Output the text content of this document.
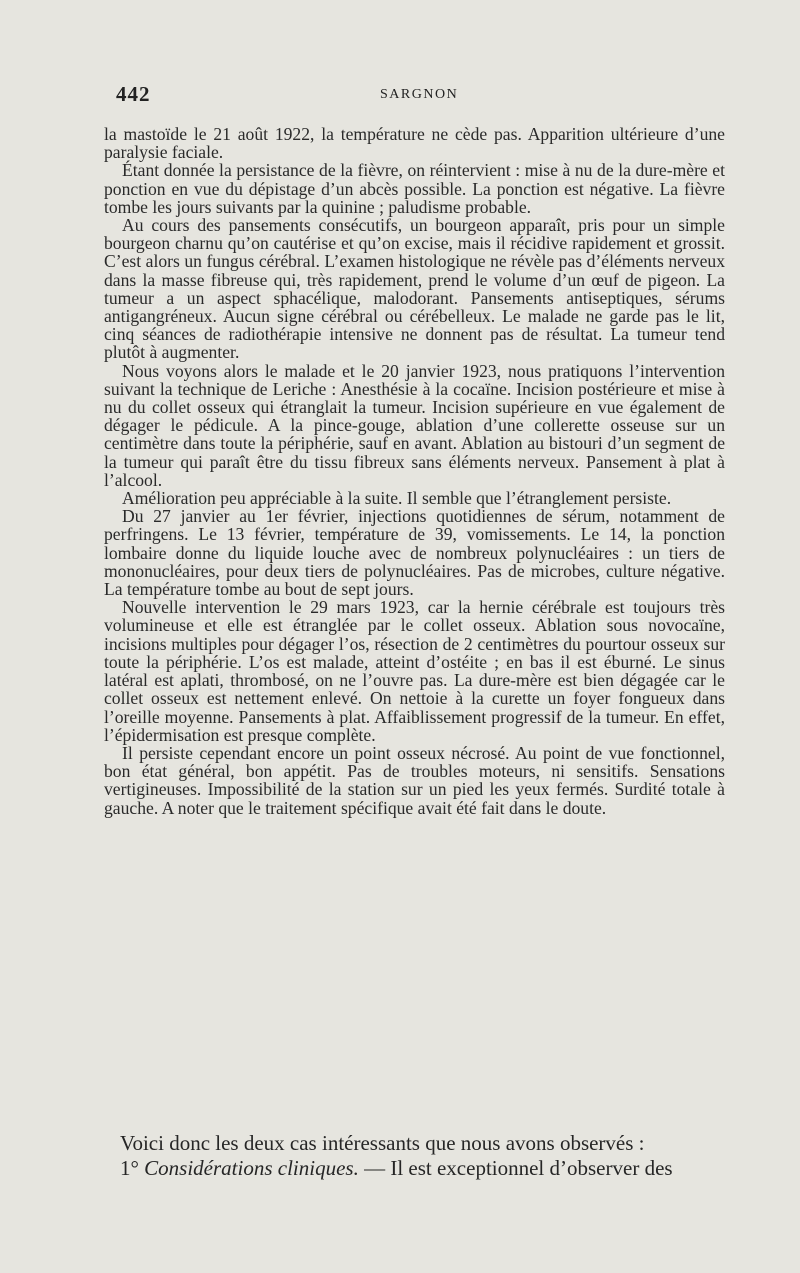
442	SARGNON

la mastoïde le 21 août 1922, la température ne cède pas. Apparition ultérieure d’une paralysie faciale.

Étant donnée la persistance de la fièvre, on réintervient : mise à nu de la dure-mère et ponction en vue du dépistage d’un abcès possible. La ponction est négative. La fièvre tombe les jours suivants par la quinine ; paludisme probable.

Au cours des pansements consécutifs, un bourgeon apparaît, pris pour un simple bourgeon charnu qu’on cautérise et qu’on excise, mais il récidive rapidement et grossit. C’est alors un fungus cérébral. L’examen histologique ne révèle pas d’éléments nerveux dans la masse fibreuse qui, très rapidement, prend le volume d’un œuf de pigeon. La tumeur a un aspect sphacélique, malodorant. Pansements antiseptiques, sérums antigangréneux. Aucun signe cérébral ou cérébelleux. Le malade ne garde pas le lit, cinq séances de radiothérapie intensive ne donnent pas de résultat. La tumeur tend plutôt à augmenter.

Nous voyons alors le malade et le 20 janvier 1923, nous pratiquons l’intervention suivant la technique de Leriche : Anesthésie à la cocaïne. Incision postérieure et mise à nu du collet osseux qui étranglait la tumeur. Incision supérieure en vue également de dégager le pédicule. A la pince-gouge, ablation d’une collerette osseuse sur un centimètre dans toute la périphérie, sauf en avant. Ablation au bistouri d’un segment de la tumeur qui paraît être du tissu fibreux sans éléments nerveux. Pansement à plat à l’alcool.

Amélioration peu appréciable à la suite. Il semble que l’étranglement persiste.

Du 27 janvier au 1er février, injections quotidiennes de sérum, notamment de perfringens. Le 13 février, température de 39, vomissements. Le 14, la ponction lombaire donne du liquide louche avec de nombreux polynucléaires : un tiers de mononucléaires, pour deux tiers de polynucléaires. Pas de microbes, culture négative. La température tombe au bout de sept jours.

Nouvelle intervention le 29 mars 1923, car la hernie cérébrale est toujours très volumineuse et elle est étranglée par le collet osseux. Ablation sous novocaïne, incisions multiples pour dégager l’os, résection de 2 centimètres du pourtour osseux sur toute la périphérie. L’os est malade, atteint d’ostéite ; en bas il est éburné. Le sinus latéral est aplati, thrombosé, on ne l’ouvre pas. La dure-mère est bien dégagée car le collet osseux est nettement enlevé. On nettoie à la curette un foyer fongueux dans l’oreille moyenne. Pansements à plat. Affaiblissement progressif de la tumeur. En effet, l’épidermisation est presque complète.

Il persiste cependant encore un point osseux nécrosé. Au point de vue fonctionnel, bon état général, bon appétit. Pas de troubles moteurs, ni sensitifs. Sensations vertigineuses. Impossibilité de la station sur un pied les yeux fermés. Surdité totale à gauche. A noter que le traitement spécifique avait été fait dans le doute.

Voici donc les deux cas intéressants que nous avons observés :

1° Considérations cliniques. — Il est exceptionnel d’observer des
